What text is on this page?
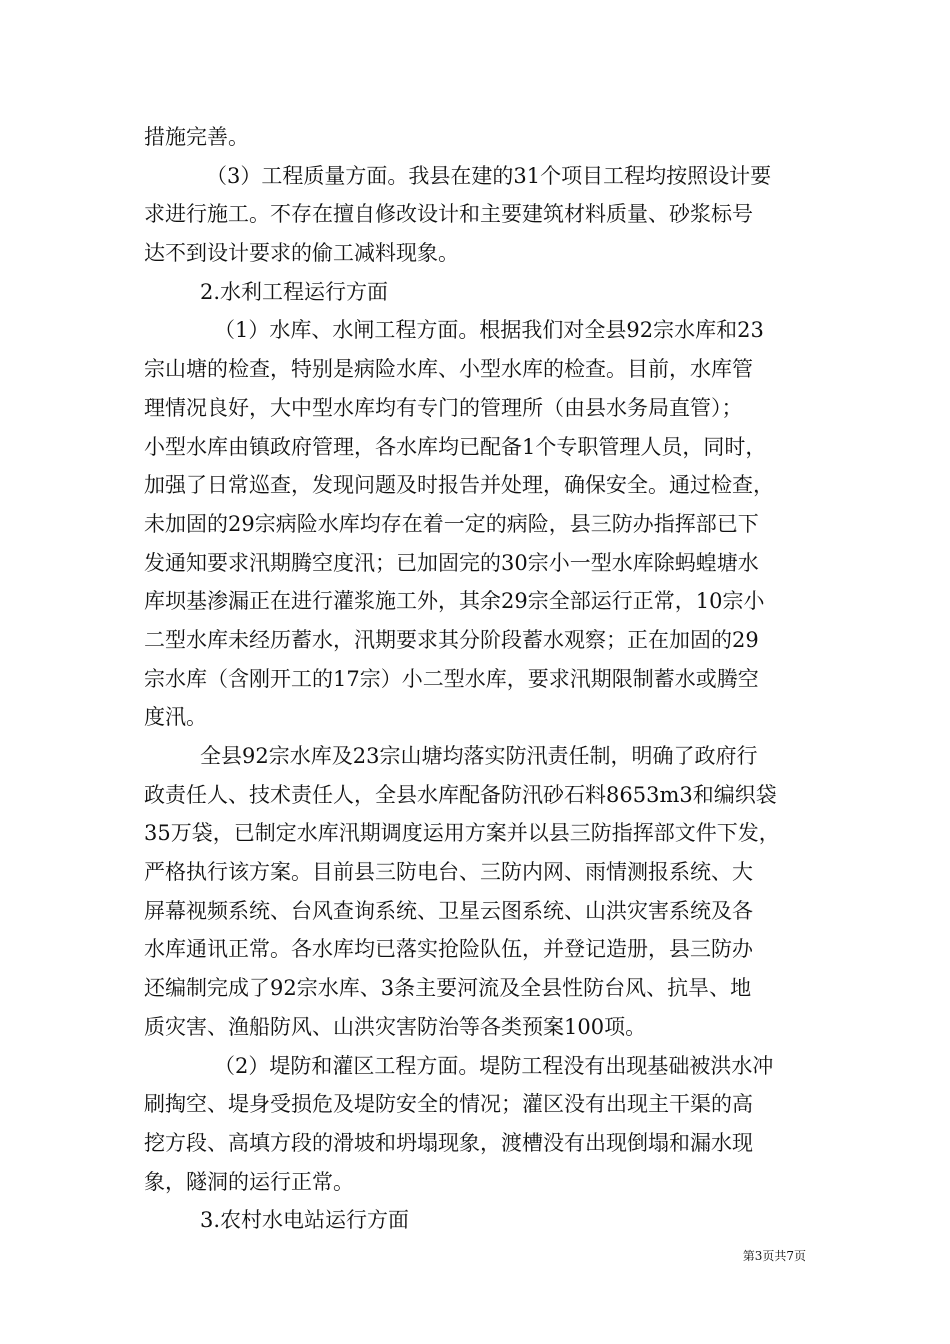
措施完善。
（3）工程质量方面。我县在建的31个项目工程均按照设计要
求进行施工。不存在擅自修改设计和主要建筑材料质量、砂浆标号
达不到设计要求的偷工减料现象。
2.水利工程运行方面
（1）水库、水闸工程方面。根据我们对全县92宗水库和23
宗山塘的检查，特别是病险水库、小型水库的检查。目前，水库管
理情况良好，大中型水库均有专门的管理所（由县水务局直管）；
小型水库由镇政府管理，各水库均已配备1个专职管理人员，同时，
加强了日常巡查，发现问题及时报告并处理，确保安全。通过检查，
未加固的29宗病险水库均存在着一定的病险，县三防办指挥部已下
发通知要求汛期腾空度汛；已加固完的30宗小一型水库除蚂蝗塘水
库坝基渗漏正在进行灌浆施工外，其余29宗全部运行正常，10宗小
二型水库未经历蓄水，汛期要求其分阶段蓄水观察；正在加固的29
宗水库（含刚开工的17宗）小二型水库，要求汛期限制蓄水或腾空
度汛。
全县92宗水库及23宗山塘均落实防汛责任制，明确了政府行
政责任人、技术责任人，全县水库配备防汛砂石料8653m3和编织袋
35万袋，已制定水库汛期调度运用方案并以县三防指挥部文件下发，
严格执行该方案。目前县三防电台、三防内网、雨情测报系统、大
屏幕视频系统、台风查询系统、卫星云图系统、山洪灾害系统及各
水库通讯正常。各水库均已落实抢险队伍，并登记造册，县三防办
还编制完成了92宗水库、3条主要河流及全县性防台风、抗旱、地
质灾害、渔船防风、山洪灾害防治等各类预案100项。
（2）堤防和灌区工程方面。堤防工程没有出现基础被洪水冲
刷掏空、堤身受损危及堤防安全的情况；灌区没有出现主干渠的高
挖方段、高填方段的滑坡和坍塌现象，渡槽没有出现倒塌和漏水现
象，隧洞的运行正常。
3.农村水电站运行方面
第3页共7页
